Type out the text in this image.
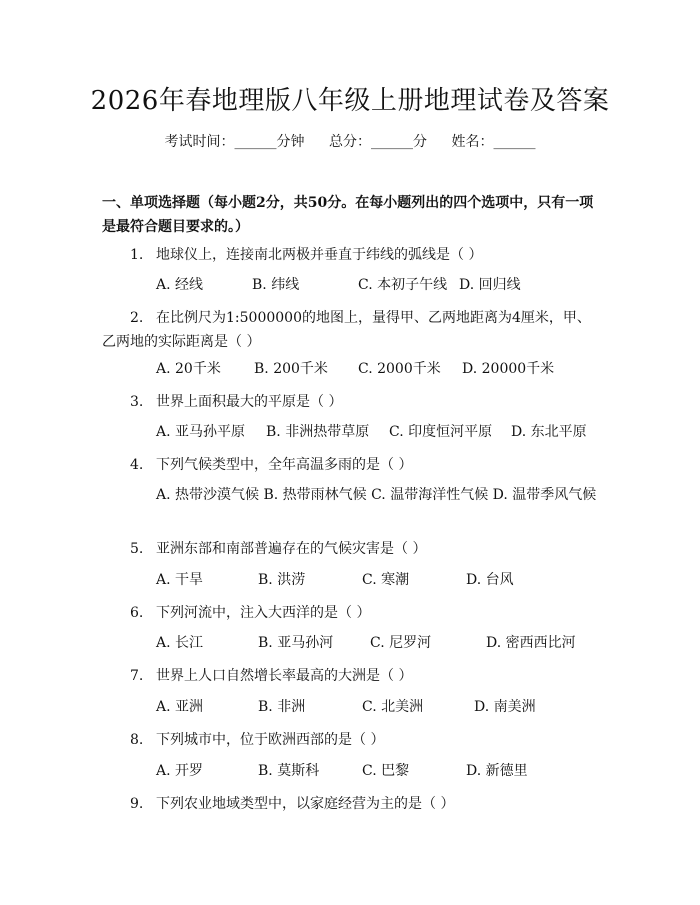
2026年春地理版八年级上册地理试卷及答案
考试时间：______分钟 总分：______分 姓名：______
一、单项选择题（每小题2分，共50分。在每小题列出的四个选项中，只有一项是最符合题目要求的。）
1. 地球仪上，连接南北两极并垂直于纬线的弧线是（ ）
A. 经线	B. 纬线	C. 本初子午线 D. 回归线
2. 在比例尺为1:5000000的地图上，量得甲、乙两地距离为4厘米，甲、乙两地的实际距离是（ ）
A. 20千米 B. 200千米 C. 2000千米 D. 20000千米
3. 世界上面积最大的平原是（ ）
A. 亚马孙平原 B. 非洲热带草原 C. 印度恒河平原 D. 东北平原
4. 下列气候类型中，全年高温多雨的是（ ）
A. 热带沙漠气候 B. 热带雨林气候 C. 温带海洋性气候 D. 温带季风气候
5. 亚洲东部和南部普遍存在的气候灾害是（ ）
A. 干旱	B. 洪涝	C. 寒潮	D. 台风
6. 下列河流中，注入大西洋的是（ ）
A. 长江	B. 亚马孙河	C. 尼罗河	D. 密西西比河
7. 世界上人口自然增长率最高的大洲是（ ）
A. 亚洲	B. 非洲	C. 北美洲	D. 南美洲
8. 下列城市中，位于欧洲西部的是（ ）
A. 开罗	B. 莫斯科	C. 巴黎	D. 新德里
9. 下列农业地域类型中，以家庭经营为主的是（ ）
